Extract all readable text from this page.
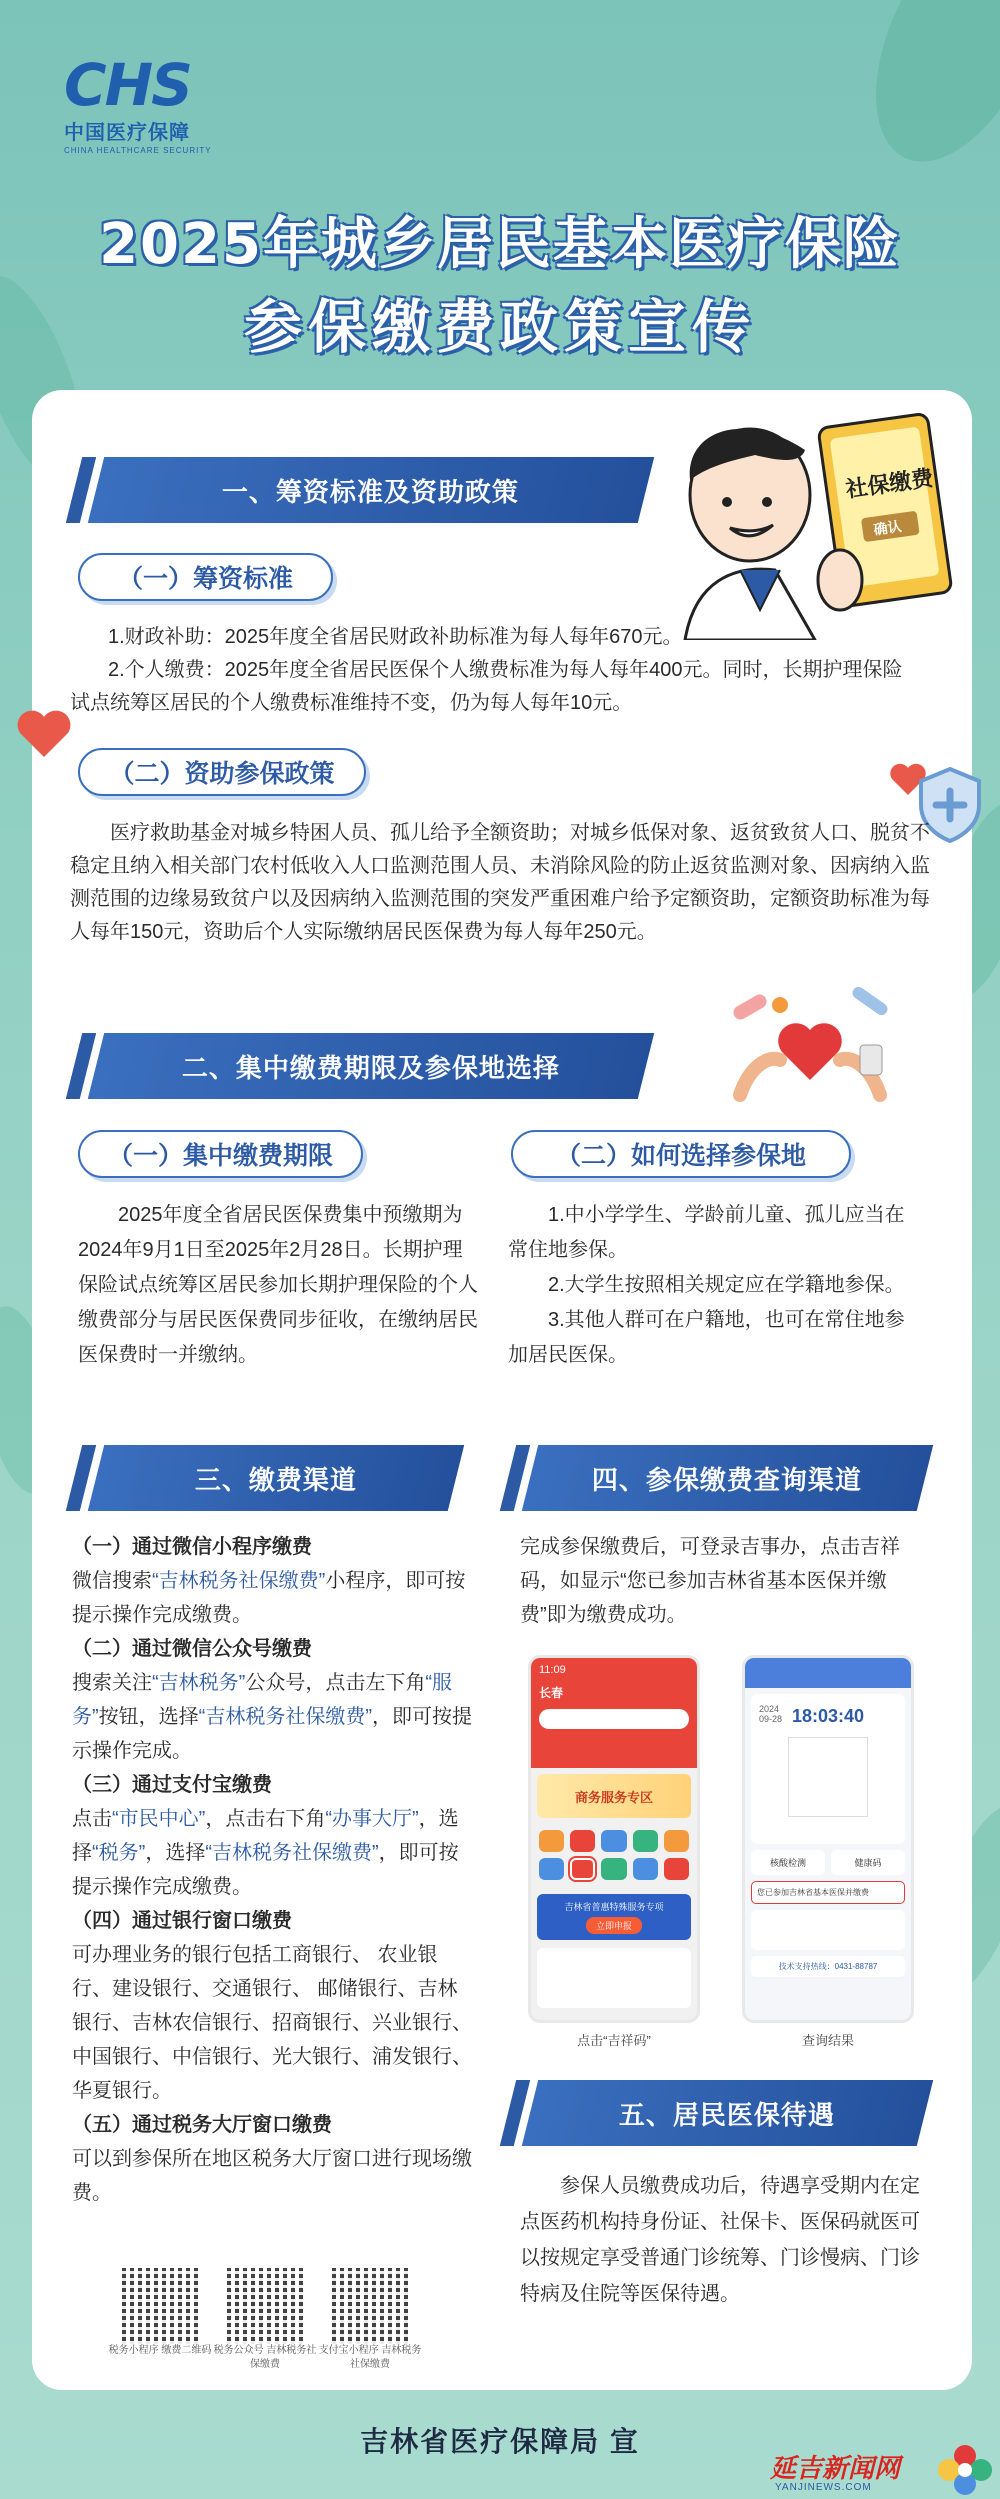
CHS
中国医疗保障
CHINA HEALTHCARE SECURITY
2025年城乡居民基本医疗保险
参保缴费政策宣传
社保缴费
确认
一、筹资标准及资助政策
（一）筹资标准
1.财政补助：2025年度全省居民财政补助标准为每人每年670元。
2.个人缴费：2025年度全省居民医保个人缴费标准为每人每年400元。同时，长期护理保险试点统筹区居民的个人缴费标准维持不变，仍为每人每年10元。
（二）资助参保政策
医疗救助基金对城乡特困人员、孤儿给予全额资助；对城乡低保对象、返贫致贫人口、脱贫不稳定且纳入相关部门农村低收入人口监测范围人员、未消除风险的防止返贫监测对象、因病纳入监测范围的边缘易致贫户以及因病纳入监测范围的突发严重困难户给予定额资助，定额资助标准为每人每年150元，资助后个人实际缴纳居民医保费为每人每年250元。
二、集中缴费期限及参保地选择
（一）集中缴费期限
2025年度全省居民医保费集中预缴期为2024年9月1日至2025年2月28日。长期护理保险试点统筹区居民参加长期护理保险的个人缴费部分与居民医保费同步征收，在缴纳居民医保费时一并缴纳。
（二）如何选择参保地
1.中小学学生、学龄前儿童、孤儿应当在常住地参保。
2.大学生按照相关规定应在学籍地参保。
3.其他人群可在户籍地，也可在常住地参加居民医保。
三、缴费渠道
（一）通过微信小程序缴费
微信搜索“吉林税务社保缴费”小程序，即可按提示操作完成缴费。
（二）通过微信公众号缴费
搜索关注“吉林税务”公众号，点击左下角“服务”按钮，选择“吉林税务社保缴费”，即可按提示操作完成。
（三）通过支付宝缴费
点击“市民中心”，点击右下角“办事大厅”，选择“税务”，选择“吉林税务社保缴费”，即可按提示操作完成缴费。
（四）通过银行窗口缴费
可办理业务的银行包括工商银行、 农业银行、建设银行、交通银行、 邮储银行、吉林银行、吉林农信银行、招商银行、兴业银行、中国银行、中信银行、光大银行、浦发银行、华夏银行。
（五）通过税务大厅窗口缴费
可以到参保所在地区税务大厅窗口进行现场缴费。
税务小程序 缴费二维码 税务公众号 吉林税务社保缴费
支付宝小程序 吉林税务社保缴费
四、参保缴费查询渠道
完成参保缴费后，可登录吉事办，点击吉祥码，如显示“您已参加吉林省基本医保并缴费”即为缴费成功。
11:09
长春
商务服务专区
吉林省普惠特殊服务专项
立即申报
点击“吉祥码”
2024
09-28 18:03:40
核酸检测	健康码
您已参加吉林省基本医保并缴费
技术支持热线：0431-88787
查询结果
五、居民医保待遇
参保人员缴费成功后，待遇享受期内在定点医药机构持身份证、社保卡、医保码就医可以按规定享受普通门诊统筹、门诊慢病、门诊特病及住院等医保待遇。
吉林省医疗保障局 宣
延吉新闻网
YANJINEWS.COM
